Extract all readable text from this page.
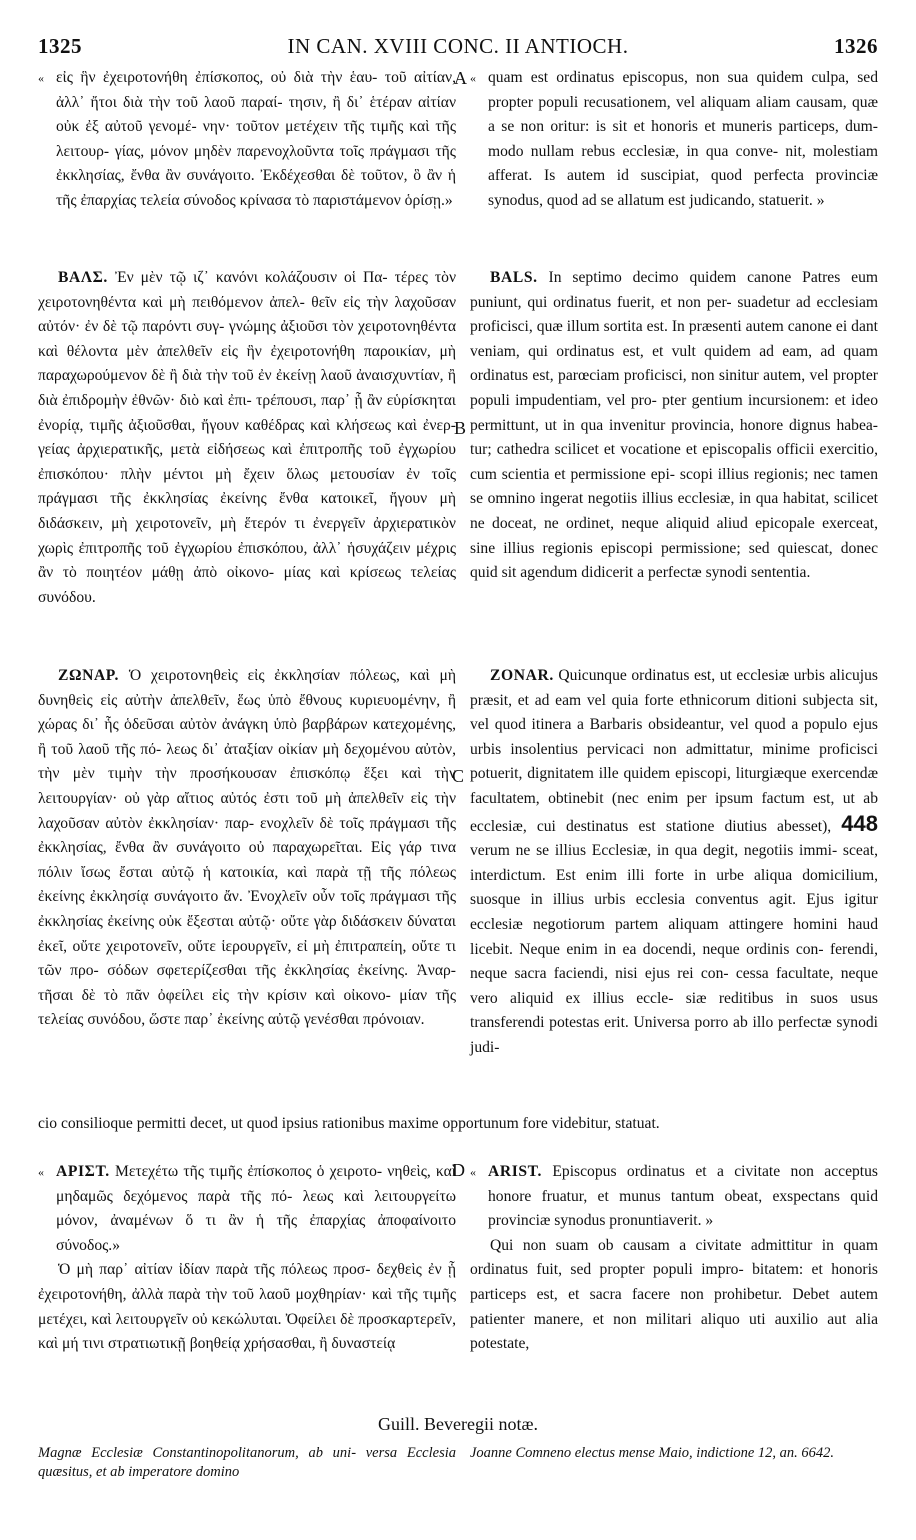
1325	IN CAN. XVIII CONC. II ANTIOCH.	1326
A
B
C
D

« εἰς ἣν ἐχειροτονήθη ἐπίσκοπος, οὐ διὰ τὴν ἑαυ- τοῦ αἰτίαν, ἀλλ᾽ ἤτοι διὰ τὴν τοῦ λαοῦ παραί- τησιν, ἢ δι᾽ ἑτέραν αἰτίαν οὐκ ἐξ αὐτοῦ γενομέ- νην· τοῦτον μετέχειν τῆς τιμῆς καὶ τῆς λειτουρ- γίας, μόνον μηδὲν παρενοχλοῦντα τοῖς πράγμασι τῆς ἐκκλησίας, ἔνθα ἂν συνάγοιτο. Ἐκδέχεσθαι δὲ τοῦτον, ὃ ἂν ἡ τῆς ἐπαρχίας τελεία σύνοδος κρίνασα τὸ παριστάμενον ὁρίσῃ.»

« quam est ordinatus episcopus, non sua quidem culpa, sed propter populi recusationem, vel aliquam aliam causam, quæ a se non oritur: is sit et honoris et muneris particeps, dum- modo nullam rebus ecclesiæ, in qua conve- nit, molestiam afferat. Is autem id suscipiat, quod perfecta provinciæ synodus, quod ad se allatum est judicando, statuerit. »

ΒΑΛΣ. Ἐν μὲν τῷ ιζ᾽ κανόνι κολάζουσιν οἱ Πα- τέρες τὸν χειροτονηθέντα καὶ μὴ πειθόμενον ἀπελ- θεῖν εἰς τὴν λαχοῦσαν αὐτόν· ἐν δὲ τῷ παρόντι συγ- γνώμης ἀξιοῦσι τὸν χειροτονηθέντα καὶ θέλοντα μὲν ἀπελθεῖν εἰς ἣν ἐχειροτονήθη παροικίαν, μὴ παραχωρούμενον δὲ ἢ διὰ τὴν τοῦ ἐν ἐκείνῃ λαοῦ ἀναισχυντίαν, ἢ διὰ ἐπιδρομὴν ἐθνῶν· διὸ καὶ ἐπι- τρέπουσι, παρ᾽ ᾗ ἂν εὑρίσκηται ἐνορίᾳ, τιμῆς ἀξιοῦσθαι, ἤγουν καθέδρας καὶ κλήσεως καὶ ἐνερ- γείας ἀρχιερατικῆς, μετὰ εἰδήσεως καὶ ἐπιτροπῆς τοῦ ἐγχωρίου ἐπισκόπου· πλὴν μέντοι μὴ ἔχειν ὅλως μετουσίαν ἐν τοῖς πράγμασι τῆς ἐκκλησίας ἐκείνης ἔνθα κατοικεῖ, ἤγουν μὴ διδάσκειν, μὴ χειροτονεῖν, μὴ ἕτερόν τι ἐνεργεῖν ἀρχιερατικὸν χωρὶς ἐπιτροπῆς τοῦ ἐγχωρίου ἐπισκόπου, ἀλλ᾽ ἡσυχάζειν μέχρις ἂν τὸ ποιητέον μάθῃ ἀπὸ οἰκονο- μίας καὶ κρίσεως τελείας συνόδου.

BALS. In septimo decimo quidem canone Patres eum puniunt, qui ordinatus fuerit, et non per- suadetur ad ecclesiam proficisci, quæ illum sortita est. In præsenti autem canone ei dant veniam, qui ordinatus est, et vult quidem ad eam, ad quam ordinatus est, parœciam proficisci, non sinitur autem, vel propter populi impudentiam, vel pro- pter gentium incursionem: et ideo permittunt, ut in qua invenitur provincia, honore dignus habea- tur; cathedra scilicet et vocatione et episcopalis officii exercitio, cum scientia et permissione epi- scopi illius regionis; nec tamen se omnino ingerat negotiis illius ecclesiæ, in qua habitat, scilicet ne doceat, ne ordinet, neque aliquid aliud epicopale exerceat, sine illius regionis episcopi permissione; sed quiescat, donec quid sit agendum didicerit a perfectæ synodi sententia.

ΖΩΝΑΡ. Ὁ χειροτονηθεὶς εἰς ἐκκλησίαν πόλεως, καὶ μὴ δυνηθεὶς εἰς αὐτὴν ἀπελθεῖν, ἕως ὑπὸ ἔθνους κυριευομένην, ἢ χώρας δι᾽ ἧς ὁδεῦσαι αὐτὸν ἀνάγκη ὑπὸ βαρβάρων κατεχομένης, ἢ τοῦ λαοῦ τῆς πό- λεως δι᾽ ἀταξίαν οἰκίαν μὴ δεχομένου αὐτὸν, τὴν μὲν τιμὴν τὴν προσήκουσαν ἐπισκόπῳ ἕξει καὶ τὴν λειτουργίαν· οὐ γὰρ αἴτιος αὐτός ἐστι τοῦ μὴ ἀπελθεῖν εἰς τὴν λαχοῦσαν αὐτὸν ἐκκλησίαν· παρ- ενοχλεῖν δὲ τοῖς πράγμασι τῆς ἐκκλησίας, ἔνθα ἂν συνάγοιτο οὐ παραχωρεῖται. Εἰς γάρ τινα πόλιν ἴσως ἔσται αὐτῷ ἡ κατοικία, καὶ παρὰ τῇ τῆς πόλεως ἐκείνης ἐκκλησίᾳ συνάγοιτο ἄν. Ἐνοχλεῖν οὖν τοῖς πράγμασι τῆς ἐκκλησίας ἐκείνης οὐκ ἔξεσται αὐτῷ· οὔτε γὰρ διδάσκειν δύναται ἐκεῖ, οὔτε χειροτονεῖν, οὔτε ἱερουργεῖν, εἰ μὴ ἐπιτραπείη, οὔτε τι τῶν προ- σόδων σφετερίζεσθαι τῆς ἐκκλησίας ἐκείνης. Ἀναρ- τῆσαι δὲ τὸ πᾶν ὀφείλει εἰς τὴν κρίσιν καὶ οἰκονο- μίαν τῆς τελείας συνόδου, ὥστε παρ᾽ ἐκείνης αὐτῷ γενέσθαι πρόνοιαν.

ZONAR. Quicunque ordinatus est, ut ecclesiæ urbis alicujus præsit, et ad eam vel quia forte ethnicorum ditioni subjecta sit, vel quod itinera a Barbaris obsideantur, vel quod a populo ejus urbis insolentius pervicaci non admittatur, minime proficisci potuerit, dignitatem ille quidem episcopi, liturgiæque exercendæ facultatem, obtinebit (nec enim per ipsum factum est, ut ab ecclesiæ, cui destinatus est statione diutius abesset), 448 verum ne se illius Ecclesiæ, in qua degit, negotiis immi- sceat, interdictum. Est enim illi forte in urbe aliqua domicilium, suosque in illius urbis ecclesia conventus agit. Ejus igitur ecclesiæ negotiorum partem aliquam attingere homini haud licebit. Neque enim in ea docendi, neque ordinis con- ferendi, neque sacra faciendi, nisi ejus rei con- cessa facultate, neque vero aliquid ex illius eccle- siæ reditibus in suos usus transferendi potestas erit. Universa porro ab illo perfectæ synodi judi-

cio consilioque permitti decet, ut quod ipsius rationibus maxime opportunum fore videbitur, statuat.

« ΑΡΙΣΤ. Μετεχέτω τῆς τιμῆς ἐπίσκοπος ὁ χειροτο- νηθεὶς, καὶ μηδαμῶς δεχόμενος παρὰ τῆς πό- λεως καὶ λειτουργείτω μόνον, ἀναμένων ὅ τι ἂν ἡ τῆς ἐπαρχίας ἀποφαίνοιτο σύνοδος.»

Ὁ μὴ παρ᾽ αἰτίαν ἰδίαν παρὰ τῆς πόλεως προσ- δεχθεὶς ἐν ᾗ ἐχειροτονήθη, ἀλλὰ παρὰ τὴν τοῦ λαοῦ μοχθηρίαν· καὶ τῆς τιμῆς μετέχει, καὶ λειτουργεῖν οὐ κεκώλυται. Ὀφείλει δὲ προσκαρτερεῖν, καὶ μή τινι στρατιωτικῇ βοηθείᾳ χρήσασθαι, ἢ δυναστείᾳ

« ARIST. Episcopus ordinatus et a civitate non acceptus honore fruatur, et munus tantum obeat, exspectans quid provinciæ synodus pronuntiaverit. »

Qui non suam ob causam a civitate admittitur in quam ordinatus fuit, sed propter populi impro- bitatem: et honoris particeps est, et sacra facere non prohibetur. Debet autem patienter manere, et non militari aliquo uti auxilio aut alia potestate,

Guill. Beveregii notæ.
Magnæ Ecclesiæ Constantinopolitanorum, ab uni- versa Ecclesia quæsitus, et ab imperatore domino
Joanne Comneno electus mense Maio, indictione 12, an. 6642.
